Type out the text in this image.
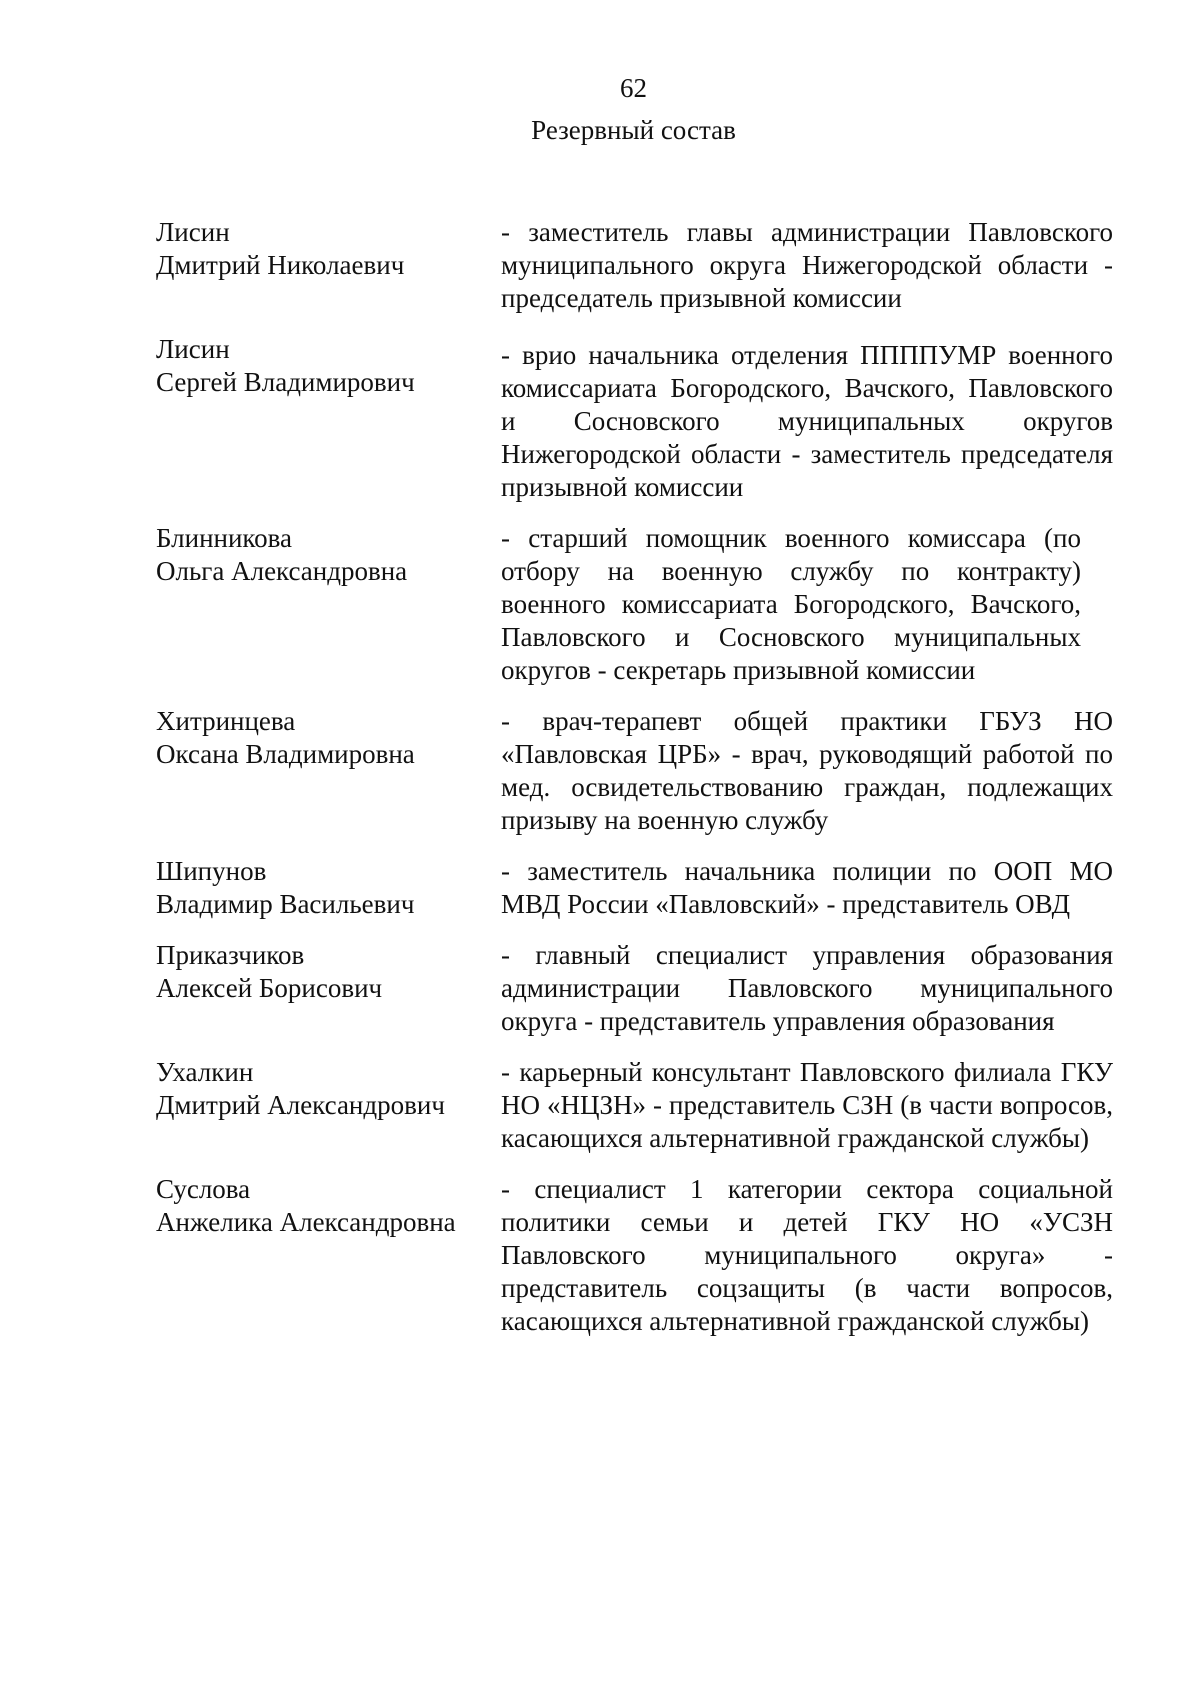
62
Резервный состав
Лисин
Дмитрий Николаевич
- заместитель главы администрации Павловского муниципального округа Нижегородской области - председатель призывной комиссии
Лисин
Сергей Владимирович
- врио начальника отделения ППППУМР военного комиссариата Богородского, Вачского, Павловского и Сосновского муниципальных округов Нижегородской области - заместитель председателя призывной комиссии
Блинникова
Ольга Александровна
- старший помощник военного комиссара (по отбору на военную службу по контракту) военного комиссариата Богородского, Вачского, Павловского и Сосновского муниципальных округов - секретарь призывной комиссии
Хитринцева
Оксана Владимировна
- врач-терапевт общей практики ГБУЗ НО «Павловская ЦРБ» - врач, руководящий работой по мед. освидетельствованию граждан, подлежащих призыву на военную службу
Шипунов
Владимир Васильевич
- заместитель начальника полиции по ООП МО МВД России «Павловский» - представитель ОВД
Приказчиков
Алексей Борисович
- главный специалист управления образования администрации Павловского муниципального округа - представитель управления образования
Ухалкин
Дмитрий Александрович
- карьерный консультант Павловского филиала ГКУ НО «НЦЗН» - представитель СЗН (в части вопросов, касающихся альтернативной гражданской службы)
Суслова
Анжелика Александровна
- специалист 1 категории сектора социальной политики семьи и детей ГКУ НО «УСЗН Павловского муниципального округа» - представитель соцзащиты (в части вопросов, касающихся альтернативной гражданской службы)
